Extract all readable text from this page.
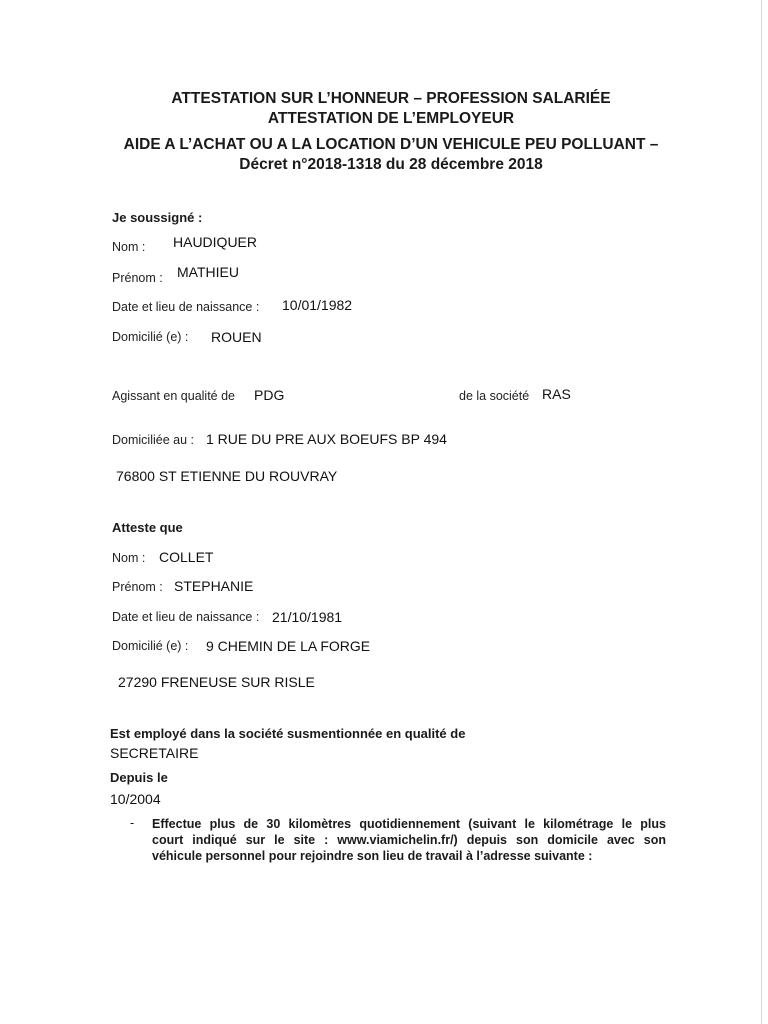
ATTESTATION SUR L’HONNEUR – PROFESSION SALARIÉE
ATTESTATION DE L’EMPLOYEUR
AIDE A L’ACHAT OU A LA LOCATION D’UN VEHICULE PEU POLLUANT –
Décret n°2018-1318 du 28 décembre 2018
Je soussigné :
Nom : HAUDIQUER
Prénom : MATHIEU
Date et lieu de naissance : 10/01/1982
Domicilié (e) : ROUEN
Agissant en qualité de PDG	de la société RAS
Domiciliée au : 1 RUE DU PRE AUX BOEUFS BP 494
76800 ST ETIENNE DU ROUVRAY
Atteste que
Nom : COLLET
Prénom : STEPHANIE
Date et lieu de naissance : 21/10/1981
Domicilié (e) : 9 CHEMIN DE LA FORGE
27290 FRENEUSE SUR RISLE
Est employé dans la société susmentionnée en qualité de
SECRETAIRE
Depuis le
10/2004
- Effectue plus de 30 kilomètres quotidiennement (suivant le kilométrage le plus
court indiqué sur le site : www.viamichelin.fr/) depuis son domicile avec son
véhicule personnel pour rejoindre son lieu de travail à l’adresse suivante :
